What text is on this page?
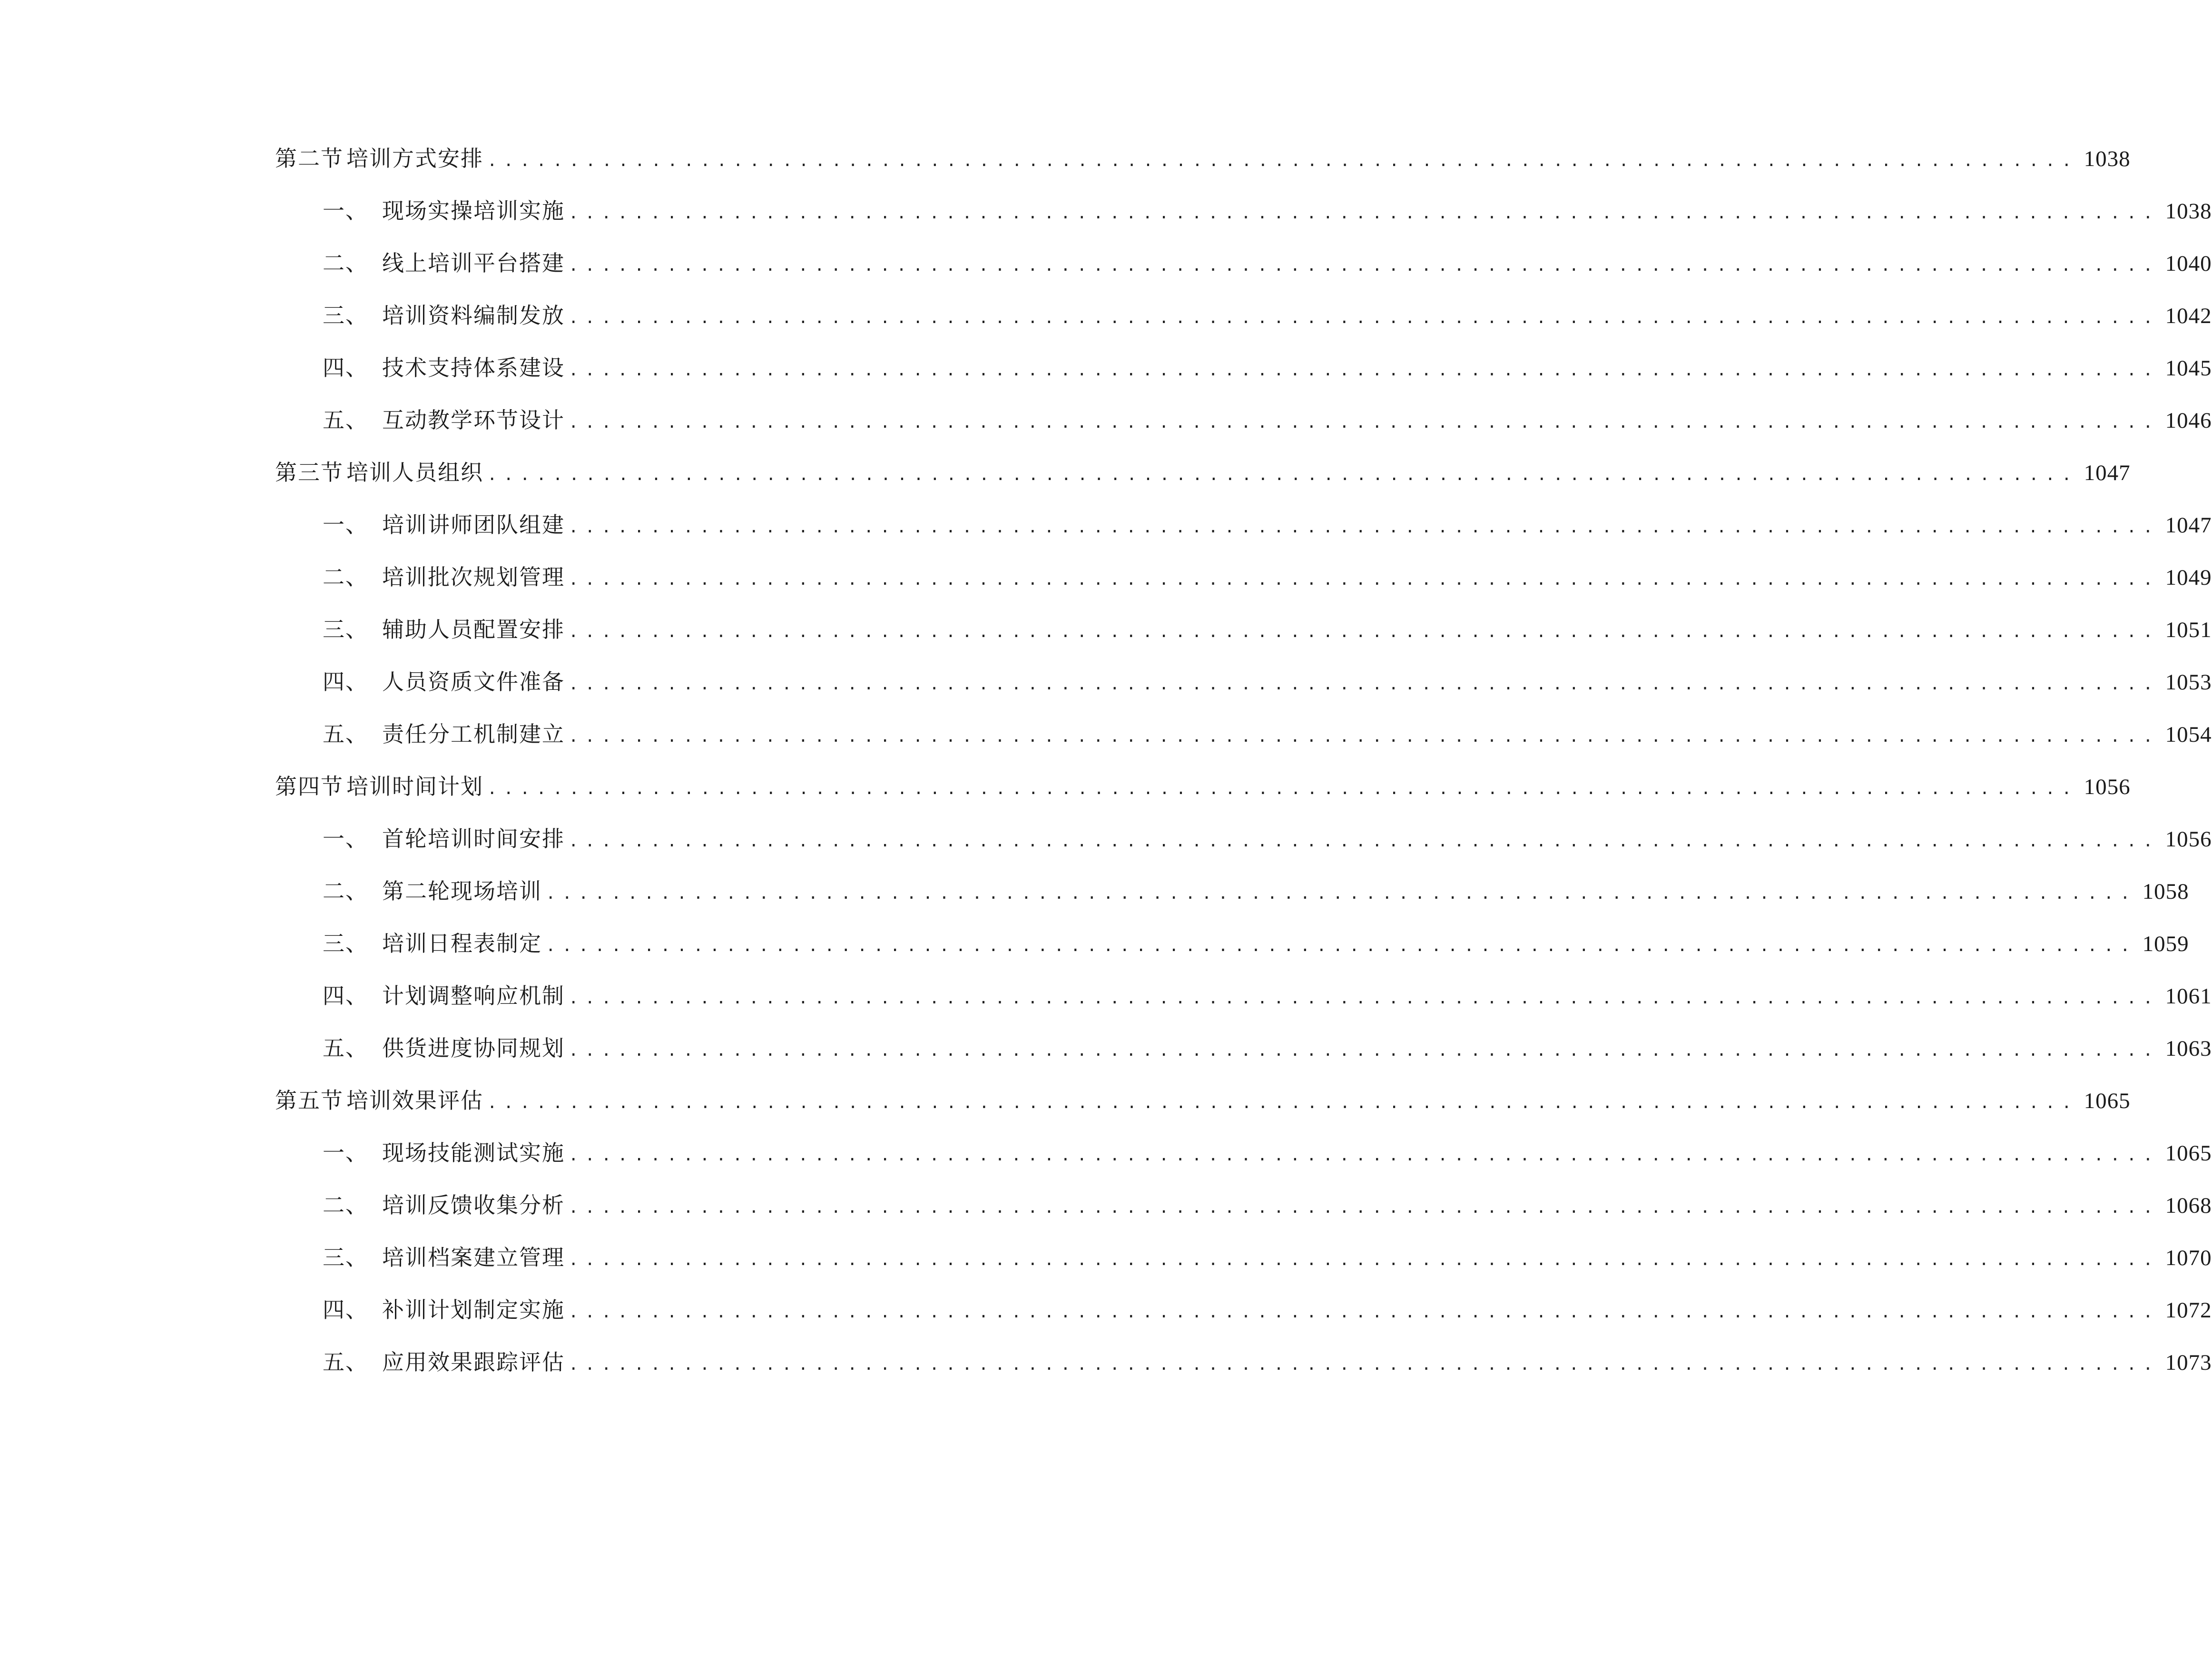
第二节 培训方式安排 ................................................................................................. 1038
一、 现场实操培训实施 ................................................................................................. 1038
二、 线上培训平台搭建 ................................................................................................. 1040
三、 培训资料编制发放 ................................................................................................. 1042
四、 技术支持体系建设 ................................................................................................. 1045
五、 互动教学环节设计 ................................................................................................. 1046
第三节 培训人员组织 ................................................................................................. 1047
一、 培训讲师团队组建 ................................................................................................. 1047
二、 培训批次规划管理 ................................................................................................. 1049
三、 辅助人员配置安排 ................................................................................................. 1051
四、 人员资质文件准备 ................................................................................................. 1053
五、 责任分工机制建立 ................................................................................................. 1054
第四节 培训时间计划 ................................................................................................. 1056
一、 首轮培训时间安排 ................................................................................................. 1056
二、 第二轮现场培训 ................................................................................................. 1058
三、 培训日程表制定 ................................................................................................. 1059
四、 计划调整响应机制 ................................................................................................. 1061
五、 供货进度协同规划 ................................................................................................. 1063
第五节 培训效果评估 ................................................................................................. 1065
一、 现场技能测试实施 ................................................................................................. 1065
二、 培训反馈收集分析 ................................................................................................. 1068
三、 培训档案建立管理 ................................................................................................. 1070
四、 补训计划制定实施 ................................................................................................. 1072
五、 应用效果跟踪评估 ................................................................................................. 1073
